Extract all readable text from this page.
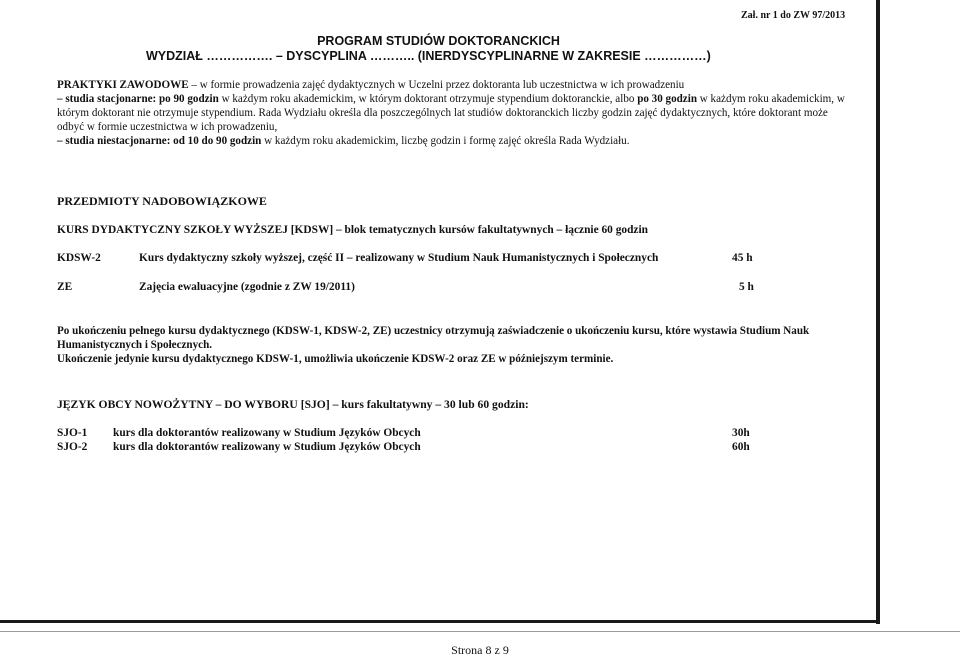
Zał. nr 1 do ZW 97/2013
PROGRAM STUDIÓW DOKTORANCKICH
WYDZIAŁ ……………. – DYSCYPLINA ……….. (INERDYSCYPLINARNE W ZAKRESIE ……………)
PRAKTYKI ZAWODOWE – w formie prowadzenia zajęć dydaktycznych w Uczelni przez doktoranta lub uczestnictwa w ich prowadzeniu
– studia stacjonarne: po 90 godzin w każdym roku akademickim, w którym doktorant otrzymuje stypendium doktoranckie, albo po 30 godzin w każdym roku akademickim, w którym doktorant nie otrzymuje stypendium. Rada Wydziału określa dla poszczególnych lat studiów doktoranckich liczby godzin zajęć dydaktycznych, które doktorant może odbyć w formie uczestnictwa w ich prowadzeniu,
– studia niestacjonarne: od 10 do 90 godzin w każdym roku akademickim, liczbę godzin i formę zajęć określa Rada Wydziału.
PRZEDMIOTY NADOBOWIĄZKOWE
KURS DYDAKTYCZNY SZKOŁY WYŻSZEJ [KDSW] – blok tematycznych kursów fakultatywnych – łącznie 60 godzin
KDSW-2	Kurs dydaktyczny szkoły wyższej, część II – realizowany w Studium Nauk Humanistycznych i Społecznych	45 h
ZE	Zajęcia ewaluacyjne (zgodnie z ZW 19/2011)	5 h
Po ukończeniu pełnego kursu dydaktycznego (KDSW-1, KDSW-2, ZE) uczestnicy otrzymują zaświadczenie o ukończeniu kursu, które wystawia Studium Nauk Humanistycznych i Społecznych.
Ukończenie jedynie kursu dydaktycznego KDSW-1, umożliwia ukończenie KDSW-2 oraz ZE w późniejszym terminie.
JĘZYK OBCY NOWOŻYTNY – DO WYBORU [SJO] – kurs fakultatywny – 30 lub 60 godzin:
SJO-1 kurs dla doktorantów realizowany w Studium Języków Obcych	30h
SJO-2 kurs dla doktorantów realizowany w Studium Języków Obcych	60h
Strona 8 z 9
